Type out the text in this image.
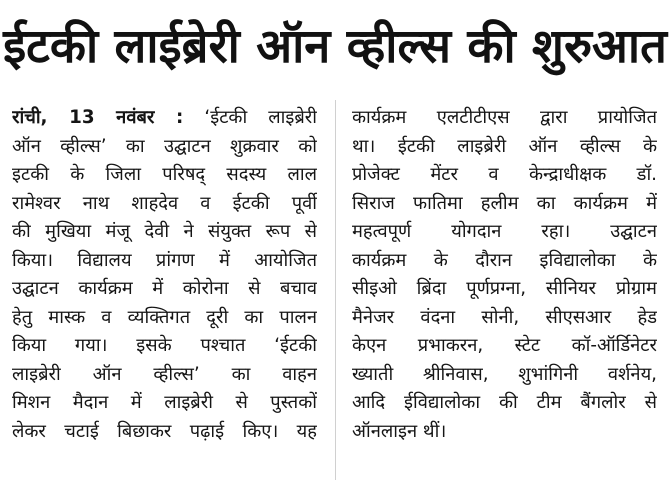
ईटकी लाईब्रेरी ऑन व्हील्स की शुरुआत
रांची, 13 नवंबर : ‘ईटकी लाइब्रेरी
ऑन व्हील्स’ का उद्घाटन शुक्रवार को
इटकी के जिला परिषद् सदस्य लाल
रामेश्वर नाथ शाहदेव व ईटकी पूर्वी
की मुखिया मंजू देवी ने संयुक्त रूप से
किया। विद्यालय प्रांगण में आयोजित
उद्घाटन कार्यक्रम में कोरोना से बचाव
हेतु मास्क व व्यक्तिगत दूरी का पालन
किया गया। इसके पश्चात ‘ईटकी
लाइब्रेरी ऑन व्हील्स’ का वाहन
मिशन मैदान में लाइब्रेरी से पुस्तकों
लेकर चटाई बिछाकर पढ़ाई किए। यह
कार्यक्रम एलटीटीएस द्वारा प्रायोजित
था। ईटकी लाइब्रेरी ऑन व्हील्स के
प्रोजेक्ट मेंटर व केन्द्राधीक्षक डॉ.
सिराज फातिमा हलीम का कार्यक्रम में
महत्वपूर्ण योगदान रहा। उद्घाटन
कार्यक्रम के दौरान इविद्यालोका के
सीइओ ब्रिंदा पूर्णप्रग्ना, सीनियर प्रोग्राम
मैनेजर वंदना सोनी, सीएसआर हेड
केएन प्रभाकरन, स्टेट कॉ-ऑर्डिनेटर
ख्याती श्रीनिवास, शुभांगिनी वर्शनेय,
आदि ईविद्यालोका की टीम बैंगलोर से
ऑनलाइन थीं।
